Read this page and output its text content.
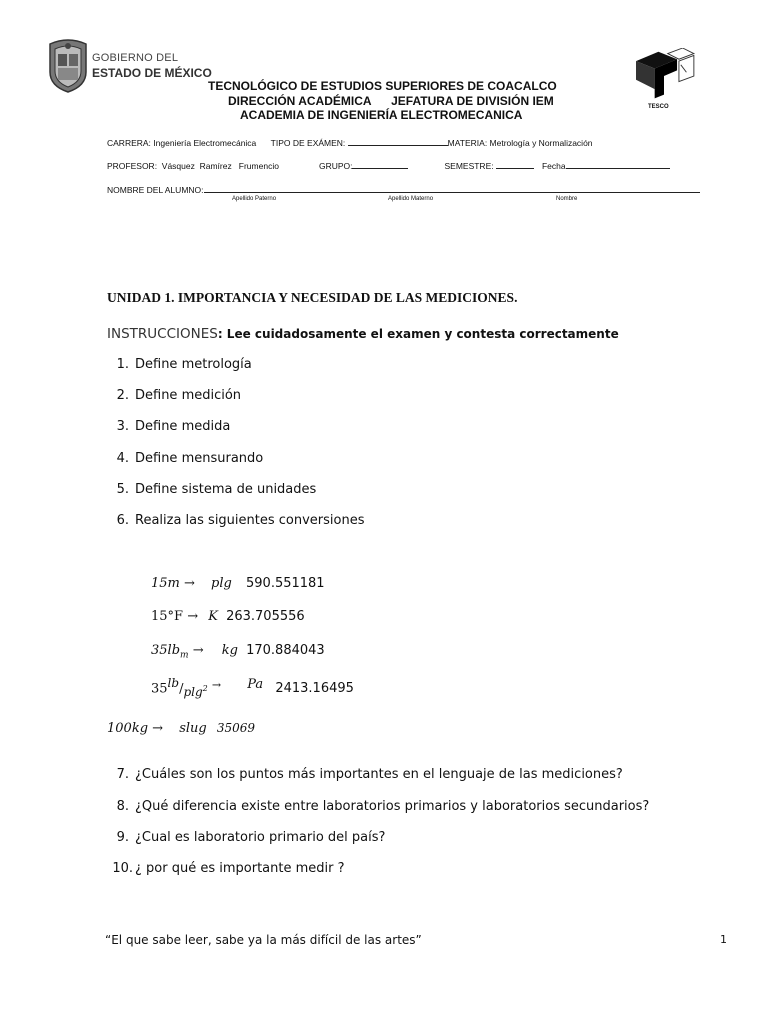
GOBIERNO DEL
ESTADO DE MÉXICO
TECNOLÓGICO DE ESTUDIOS SUPERIORES DE COACALCO
DIRECCIÓN ACADÉMICA      JEFATURA DE DIVISIÓN IEM
ACADEMIA DE INGENIERÍA ELECTROMECANICA
TESCO
CARRERA: Ingeniería Electromecánica TIPO DE EXÁMEN:	MATERIA: Metrología y Normalización
PROFESOR:  Vásquez  Ramírez   Frumencio	GRUPO:	SEMESTRE:	Fecha
NOMBRE DEL ALUMNO:
Apellido Paterno	Apellido Materno	Nombre
UNIDAD 1. IMPORTANCIA Y NECESIDAD DE LAS MEDICIONES.
INSTRUCCIONES: Lee cuidadosamente el examen y contesta correctamente
1. Define metrología
2. Define medición
3. Define medida
4. Define mensurando
5. Define sistema de unidades
6. Realiza las siguientes conversiones
15m → plg 590.551181
15°F → K 263.705556
$35lb_m$ → kg 170.884043
$35^{lb}/_{plg^2}$ → Pa 2413.16495
100kg → slug 35069
7. ¿Cuáles son los puntos más importantes en el lenguaje de las mediciones?
8. ¿Qué diferencia existe entre laboratorios primarios y laboratorios secundarios?
9. ¿Cual es laboratorio primario del país?
10. ¿ por qué es importante medir ?
“El que sabe leer, sabe ya la más difícil de las artes”	1
